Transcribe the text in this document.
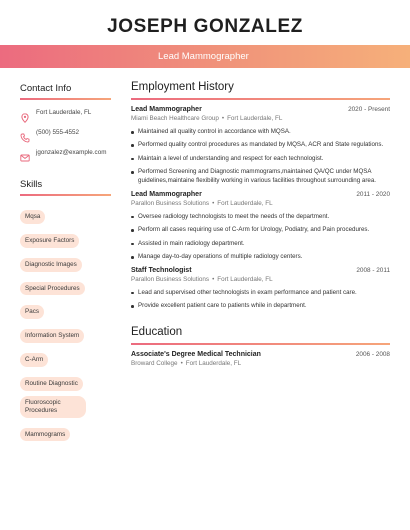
JOSEPH GONZALEZ
Lead Mammographer
Contact Info
Fort Lauderdale, FL
(500) 555-4552
jgonzalez@example.com
Skills
Mqsa
Exposure Factors
Diagnostic Images
Special Procedures
Pacs
Information System
C-Arm
Routine Diagnostic
Fluoroscopic Procedures
Mammograms
Employment History
Lead Mammographer	2020 - Present
Miami Beach Healthcare Group • Fort Lauderdale, FL
Maintained all quality control in accordance with MQSA.
Performed quality control procedures as mandated by MQSA, ACR and State regulations.
Maintain a level of understanding and respect for each technologist.
Performed Screening and Diagnostic mammograms,maintained QA/QC under MQSA guidelines,maintaine flexibility working in various facilities throughout surrounding area.
Lead Mammographer	2011 - 2020
Parallon Business Solutions • Fort Lauderdale, FL
Oversee radiology technologists to meet the needs of the department.
Perform all cases requiring use of C-Arm for Urology, Podiatry, and Pain procedures.
Assisted in main radiology department.
Manage day-to-day operations of multiple radiology centers.
Staff Technologist	2008 - 2011
Parallon Business Solutions • Fort Lauderdale, FL
Lead and supervised other technologists in exam performance and patient care.
Provide excellent patient care to patients while in department.
Education
Associate's Degree Medical Technician	2006 - 2008
Broward College • Fort Lauderdale, FL
